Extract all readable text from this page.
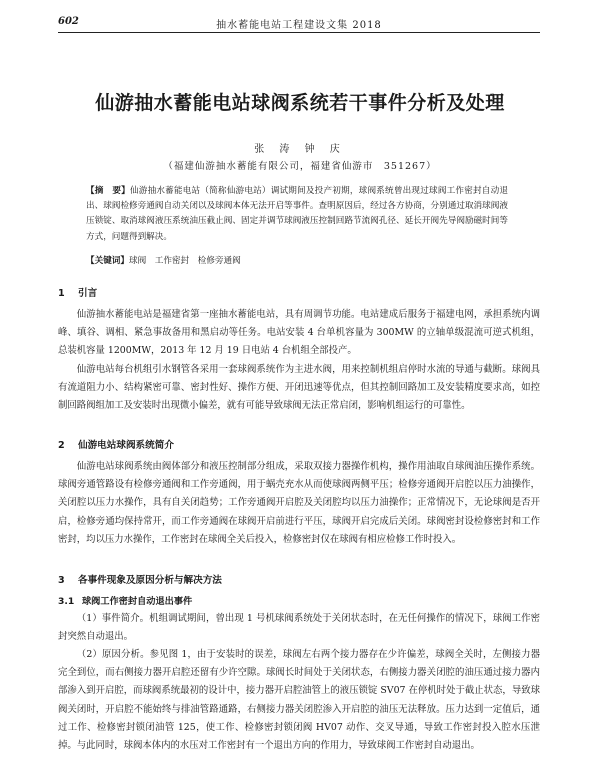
602	抽水蓄能电站工程建设文集 2018
仙游抽水蓄能电站球阀系统若干事件分析及处理
张 涛 钟 庆
（福建仙游抽水蓄能有限公司，福建省仙游市　351267）
【摘　要】仙游抽水蓄能电站（简称仙游电站）调试期间及投产初期，球阀系统曾出现过球阀工作密封自动退出、球阀检修旁通阀自动关闭以及球阀本体无法开启等事件。查明原因后，经过各方协商，分别通过取消球阀液压锁锭、取消球阀液压系统油压截止阀、固定并调节球阀液压控制回路节流阀孔径、延长开阀先导阀励磁时间等方式，问题得到解决。
【关键词】球阀　工作密封　检修旁通阀
1 引言
仙游抽水蓄能电站是福建省第一座抽水蓄能电站，具有周调节功能。电站建成后服务于福建电网，承担系统内调峰、填谷、调相、紧急事故备用和黑启动等任务。电站安装 4 台单机容量为 300MW 的立轴单级混流可逆式机组，总装机容量 1200MW，2013 年 12 月 19 日电站 4 台机组全部投产。
仙游电站每台机组引水钢管各采用一套球阀系统作为主进水阀，用来控制机组启停时水流的导通与截断。球阀具有流道阻力小、结构紧密可靠、密封性好、操作方便、开闭迅速等优点，但其控制回路加工及安装精度要求高，如控制回路阀组加工及安装时出现微小偏差，就有可能导致球阀无法正常启闭，影响机组运行的可靠性。
2 仙游电站球阀系统简介
仙游电站球阀系统由阀体部分和液压控制部分组成，采取双接力器操作机构，操作用油取自球阀油压操作系统。球阀旁通管路设有检修旁通阀和工作旁通阀，用于蜗壳充水从而使球阀两侧平压；检修旁通阀开启腔以压力油操作，关闭腔以压力水操作，具有自关闭趋势；工作旁通阀开启腔及关闭腔均以压力油操作；正常情况下，无论球阀是否开启，检修旁通均保持常开，而工作旁通阀在球阀开启前进行平压，球阀开启完成后关闭。球阀密封设检修密封和工作密封，均以压力水操作，工作密封在球阀全关后投入，检修密封仅在球阀有相应检修工作时投入。
3 各事件现象及原因分析与解决方法
3.1 球阀工作密封自动退出事件
（1）事件简介。机组调试期间，曾出现 1 号机球阀系统处于关闭状态时，在无任何操作的情况下，球阀工作密封突然自动退出。
（2）原因分析。参见图 1，由于安装时的误差，球阀左右两个接力器存在少许偏差，球阀全关时，左侧接力器完全到位，而右侧接力器开启腔还留有少许空隙。球阀长时间处于关闭状态，右侧接力器关闭腔的油压通过接力器内部渗入到开启腔，而球阀系统最初的设计中，接力器开启腔油管上的液压锁锭 SV07 在停机时处于截止状态，导致球阀关闭时，开启腔不能始终与排油管路通路，右侧接力器关闭腔渗入开启腔的油压无法释放。压力达到一定值后，通过工作、检修密封锁闭油管 125，使工作、检修密封锁闭阀 HV07 动作、交叉导通，导致工作密封投入腔水压泄掉。与此同时，球阀本体内的水压对工作密封有一个退出方向的作用力，导致球阀工作密封自动退出。
